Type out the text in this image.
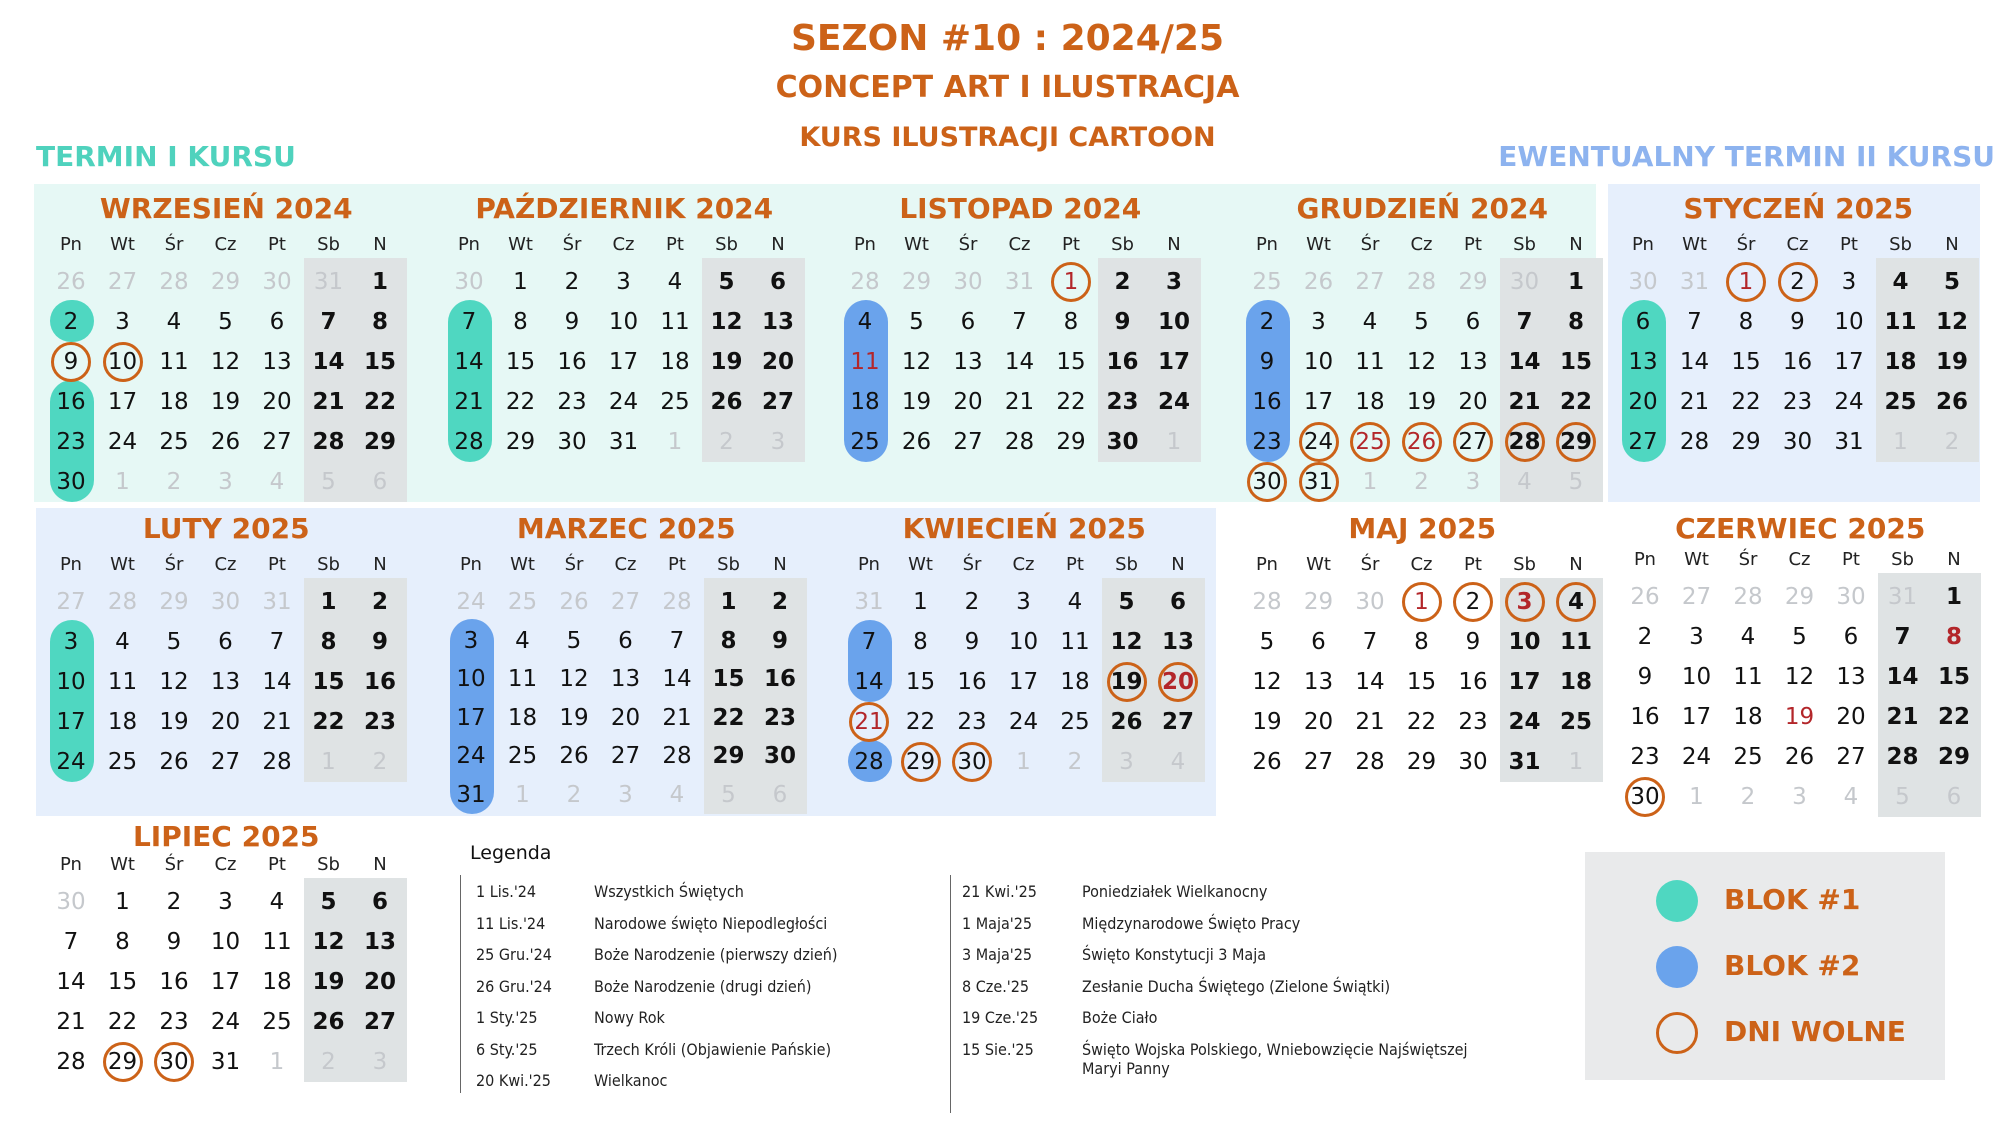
SEZON #10 : 2024/25
CONCEPT ART I ILUSTRACJA
KURS ILUSTRACJI CARTOON
TERMIN I KURSU	EWENTUALNY TERMIN II KURSU
WRZESIEŃ 2024
Pn	Wt	Śr	Cz	Pt	Sb	N
26 27 28 29 30 31	1
2	3	4	5	6	7	8
9	10 11 12 13 14 15
16 17 18 19 20 21 22
23 24 25 26 27 28 29
30	1	2	3	4	5	6
PAŹDZIERNIK 2024
Pn	Wt	Śr	Cz	Pt	Sb	N
30	1	2	3	4	5	6
7	8	9	10 11 12 13
14 15 16 17 18 19 20
21 22 23 24 25 26 27
28 29 30 31	1	2	3
LISTOPAD 2024
Pn	Wt	Śr	Cz	Pt	Sb	N
28 29 30 31	1	2	3
4	5	6	7	8	9	10
11 12 13 14 15 16 17
18 19 20 21 22 23 24
25 26 27 28 29 30	1
GRUDZIEŃ 2024
Pn	Wt	Śr	Cz	Pt	Sb	N
25 26 27 28 29 30	1
2	3	4	5	6	7	8
9	10 11 12 13 14 15
16 17 18 19 20 21 22
23 24 25 26 27 28 29
30 31	1	2	3	4	5
STYCZEŃ 2025
Pn	Wt	Śr	Cz	Pt	Sb	N
30 31	1	2	3	4	5
6	7	8	9	10 11 12
13 14 15 16 17 18 19
20 21 22 23 24 25 26
27 28 29 30 31	1	2
LUTY 2025
Pn	Wt	Śr	Cz	Pt	Sb	N
27 28 29 30 31	1	2
3	4	5	6	7	8	9
10 11 12 13 14 15 16
17 18 19 20 21 22 23
24 25 26 27 28	1	2
MARZEC 2025
Pn	Wt	Śr	Cz	Pt	Sb	N
24 25 26 27 28	1	2
3	4	5	6	7	8	9
10 11 12 13 14 15 16
17 18 19 20 21 22 23
24 25 26 27 28 29 30
31	1	2	3	4	5	6
KWIECIEŃ 2025
Pn	Wt	Śr	Cz	Pt	Sb	N
31	1	2	3	4	5	6
7	8	9	10 11 12 13
14 15 16 17 18 19 20
21 22 23 24 25 26 27
28 29 30	1	2	3	4
MAJ 2025
Pn	Wt	Śr	Cz	Pt	Sb	N
28 29 30	1	2	3	4
5	6	7	8	9	10 11
12 13 14 15 16 17 18
19 20 21 22 23 24 25
26 27 28 29 30 31	1
CZERWIEC 2025
Pn	Wt	Śr	Cz	Pt	Sb	N
26 27 28 29 30 31	1
2	3	4	5	6	7	8
9	10 11 12 13 14 15
16 17 18 19 20 21 22
23 24 25 26 27 28 29
30	1	2	3	4	5	6
LIPIEC 2025
Pn	Wt	Śr	Cz	Pt	Sb	N
30	1	2	3	4	5	6
7	8	9	10 11 12 13
14 15 16 17 18 19 20
21 22 23 24 25 26 27
28 29 30 31	1	2	3
Legenda
1 Lis.'24	Wszystkich Świętych
11 Lis.'24	Narodowe święto Niepodległości
25 Gru.'24	Boże Narodzenie (pierwszy dzień)
26 Gru.'24	Boże Narodzenie (drugi dzień)
1 Sty.'25	Nowy Rok
6 Sty.'25	Trzech Króli (Objawienie Pańskie)
20 Kwi.'25	Wielkanoc
21 Kwi.'25	Poniedziałek Wielkanocny
1 Maja'25	Międzynarodowe Święto Pracy
3 Maja'25	Święto Konstytucji 3 Maja
8 Cze.'25	Zesłanie Ducha Świętego (Zielone Świątki)
19 Cze.'25	Boże Ciało
15 Sie.'25	Święto Wojska Polskiego, Wniebowzięcie Najświętszej Maryi Panny
BLOK #1
BLOK #2
DNI WOLNE
